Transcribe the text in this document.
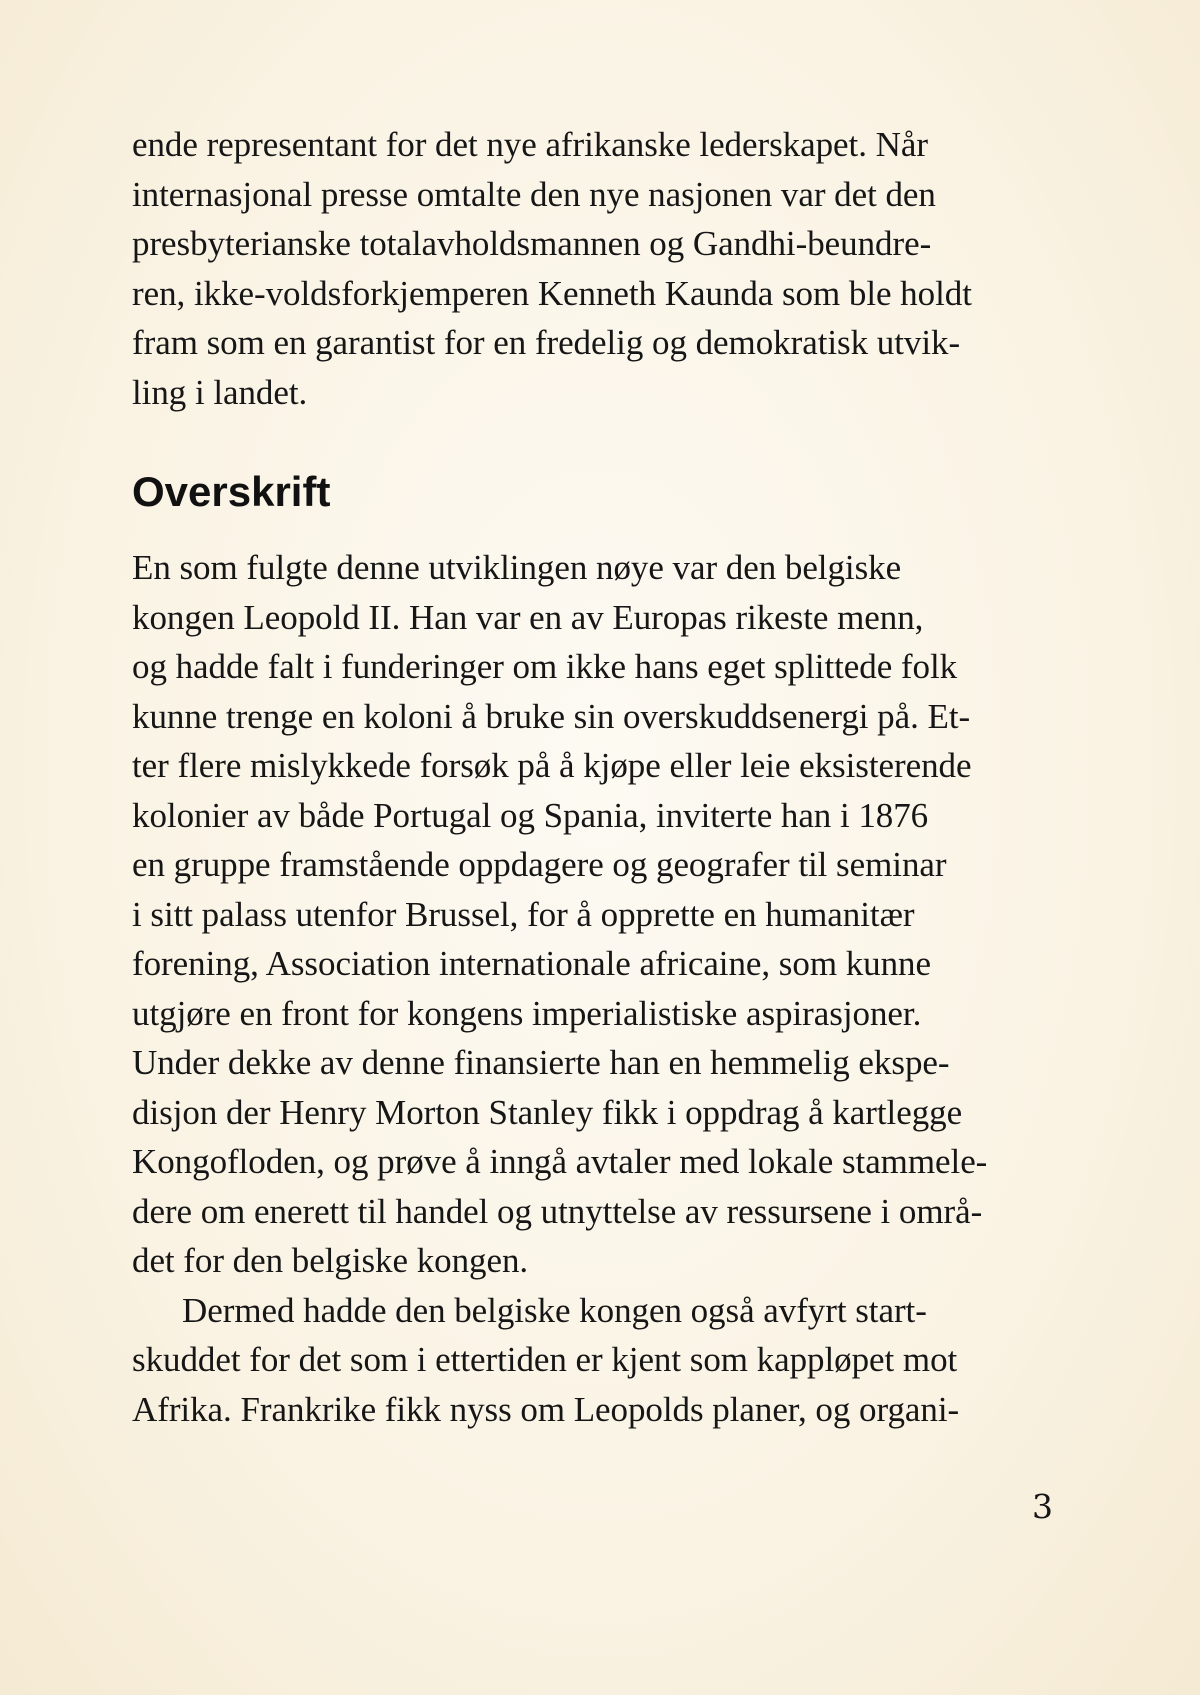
ende representant for det nye afrikanske lederskapet. Når
internasjonal presse omtalte den nye nasjonen var det den
presbyterianske totalavholdsmannen og Gandhi-beundre-
ren, ikke-voldsforkjemperen Kenneth Kaunda som ble holdt
fram som en garantist for en fredelig og demokratisk utvik-
ling i landet.
Overskrift
En som fulgte denne utviklingen nøye var den belgiske
kongen Leopold II. Han var en av Europas rikeste menn,
og hadde falt i funderinger om ikke hans eget splittede folk
kunne trenge en koloni å bruke sin overskuddsenergi på. Et-
ter flere mislykkede forsøk på å kjøpe eller leie eksisterende
kolonier av både Portugal og Spania, inviterte han i 1876
en gruppe framstående oppdagere og geografer til seminar
i sitt palass utenfor Brussel, for å opprette en humanitær
forening, Association internationale africaine, som kunne
utgjøre en front for kongens imperialistiske aspirasjoner.
Under dekke av denne finansierte han en hemmelig ekspe-
disjon der Henry Morton Stanley fikk i oppdrag å kartlegge
Kongofloden, og prøve å inngå avtaler med lokale stammele-
dere om enerett til handel og utnyttelse av ressursene i områ-
det for den belgiske kongen.
Dermed hadde den belgiske kongen også avfyrt start-
skuddet for det som i ettertiden er kjent som kappløpet mot
Afrika. Frankrike fikk nyss om Leopolds planer, og organi-
3
